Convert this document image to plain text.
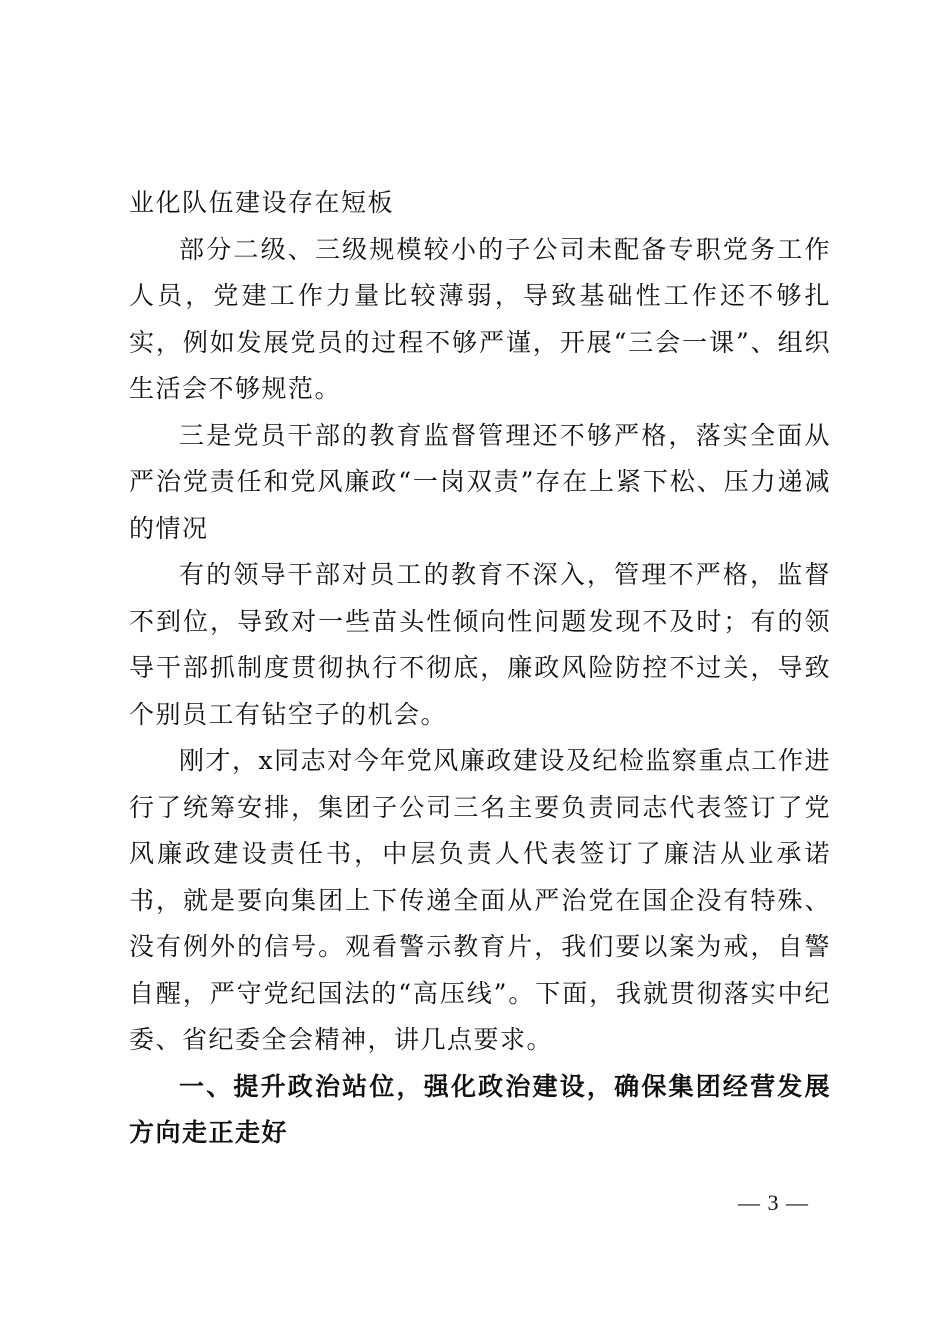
业化队伍建设存在短板

部分二级、三级规模较小的子公司未配备专职党务工作人员，党建工作力量比较薄弱，导致基础性工作还不够扎实，例如发展党员的过程不够严谨，开展“三会一课”、组织生活会不够规范。

三是党员干部的教育监督管理还不够严格，落实全面从严治党责任和党风廉政“一岗双责”存在上紧下松、压力递减的情况

有的领导干部对员工的教育不深入，管理不严格，监督不到位，导致对一些苗头性倾向性问题发现不及时；有的领导干部抓制度贯彻执行不彻底，廉政风险防控不过关，导致个别员工有钻空子的机会。

刚才，x同志对今年党风廉政建设及纪检监察重点工作进行了统筹安排，集团子公司三名主要负责同志代表签订了党风廉政建设责任书，中层负责人代表签订了廉洁从业承诺书，就是要向集团上下传递全面从严治党在国企没有特殊、没有例外的信号。观看警示教育片，我们要以案为戒，自警自醒，严守党纪国法的“高压线”。下面，我就贯彻落实中纪委、省纪委全会精神，讲几点要求。

一、提升政治站位，强化政治建设，确保集团经营发展方向走正走好

— 3 —
